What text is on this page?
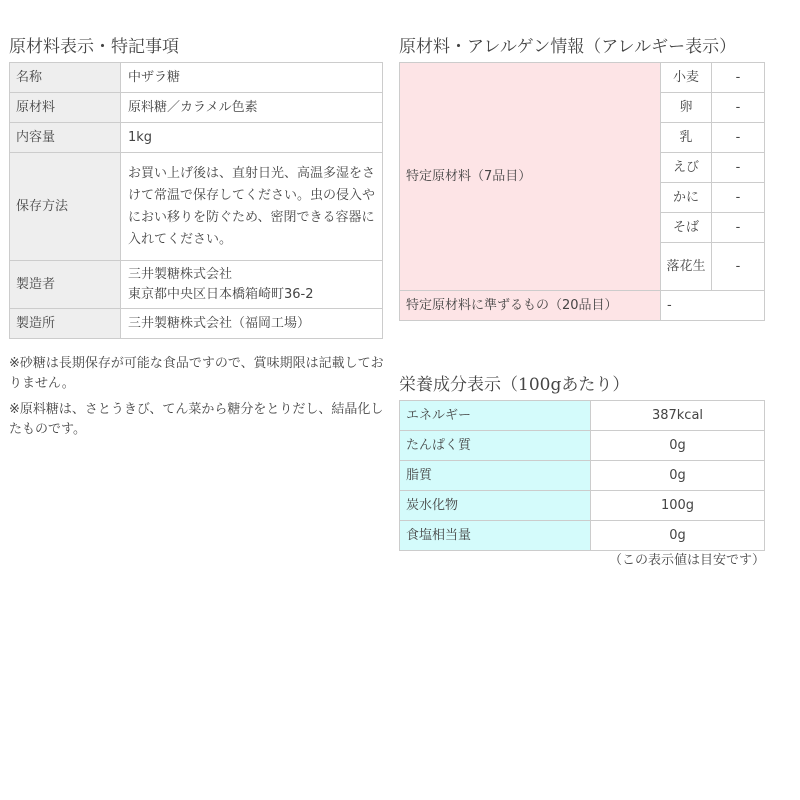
原材料表示・特記事項
名称	中ザラ糖
原材料	原料糖／カラメル色素
内容量	1kg
保存方法	お買い上げ後は、直射日光、高温多湿をさけて常温で保存してください。虫の侵入やにおい移りを防ぐため、密閉できる容器に入れてください。
製造者	三井製糖株式会社
東京都中央区日本橋箱崎町36-2

製造所	三井製糖株式会社（福岡工場）

※砂糖は長期保存が可能な食品ですので、賞味期限は記載しておりません。

※原料糖は、さとうきび、てん菜から糖分をとりだし、結晶化したものです。

原材料・アレルゲン情報（アレルギー表示）
特定原材料（7品目）	小麦	-
	卵	-
	乳	-
	えび	-
	かに	-
	そば	-
	落花生	-
特定原材料に準ずるもの（20品目）	-	
栄養成分表示（100gあたり）
エネルギー	387kcal
たんぱく質	0g
脂質	0g
炭水化物	100g
食塩相当量	0g

（この表示値は目安です）
